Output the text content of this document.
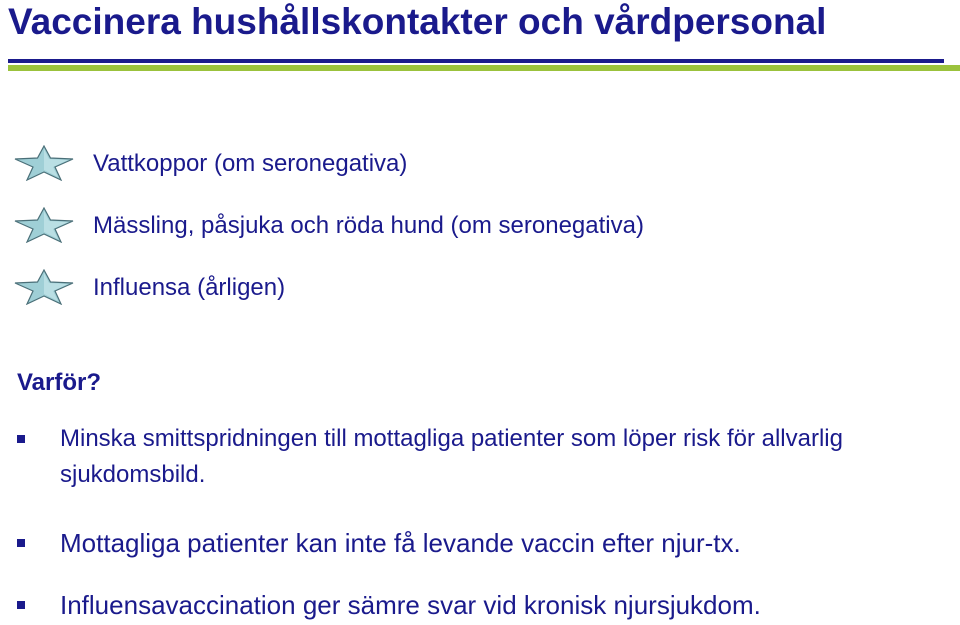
Vaccinera hushållskontakter och vårdpersonal
Vattkoppor (om seronegativa)
Mässling, påsjuka och röda hund (om seronegativa)
Influensa (årligen)
Varför?
Minska smittspridningen till mottagliga patienter som löper risk för allvarlig sjukdomsbild.
Mottagliga patienter kan inte få levande vaccin efter njur-tx.
Influensavaccination ger sämre svar vid kronisk njursjukdom.
